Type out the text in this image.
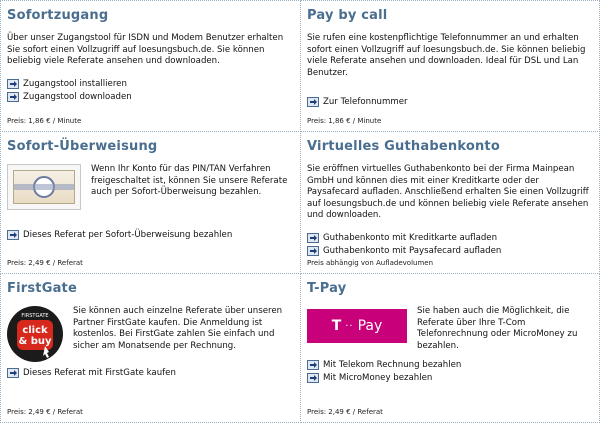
Sofortzugang

Über unser Zugangstool für ISDN und Modem Benutzer erhalten Sie sofort einen Vollzugriff auf loesungsbuch.de. Sie können beliebig viele Referate ansehen und downloaden.

Zugangstool installieren
Zugangstool downloaden
Preis: 1,86 € / Minute
Pay by call

Sie rufen eine kostenpflichtige Telefonnummer an und erhalten sofort einen Vollzugriff auf loesungsbuch.de. Sie können beliebig viele Referate ansehen und downloaden. Ideal für DSL und Lan Benutzer.

Zur Telefonnummer
Preis: 1,86 € / Minute
Sofort-Überweisung

Wenn Ihr Konto für das PIN/TAN Verfahren freigeschaltet ist, können Sie unsere Referate auch per Sofort-Überweisung bezahlen.

Dieses Referat per Sofort-Überweisung bezahlen
Preis: 2,49 € / Referat
Virtuelles Guthabenkonto

Sie eröffnen virtuelles Guthabenkonto bei der Firma Mainpean GmbH und können dies mit einer Kreditkarte oder der Paysafecard aufladen. Anschließend erhalten Sie einen Vollzugriff auf loesungsbuch.de und können beliebig viele Referate ansehen und downloaden.

Guthabenkonto mit Kreditkarte aufladen
Guthabenkonto mit Paysafecard aufladen
Preis abhängig von Aufladevolumen
FirstGate
FIRSTGATE
click
& buy

Sie können auch einzelne Referate über unseren Partner FirstGate kaufen. Die Anmeldung ist kostenlos. Bei FirstGate zahlen Sie einfach und sicher am Monatsende per Rechnung.

Dieses Referat mit FirstGate kaufen
Preis: 2,49 € / Referat
T-Pay
T ·· Pay

Sie haben auch die Möglichkeit, die Referate über Ihre T-Com Telefonrechnung oder MicroMoney zu bezahlen.

Mit Telekom Rechnung bezahlen
Mit MicroMoney bezahlen
Preis: 2,49 € / Referat
